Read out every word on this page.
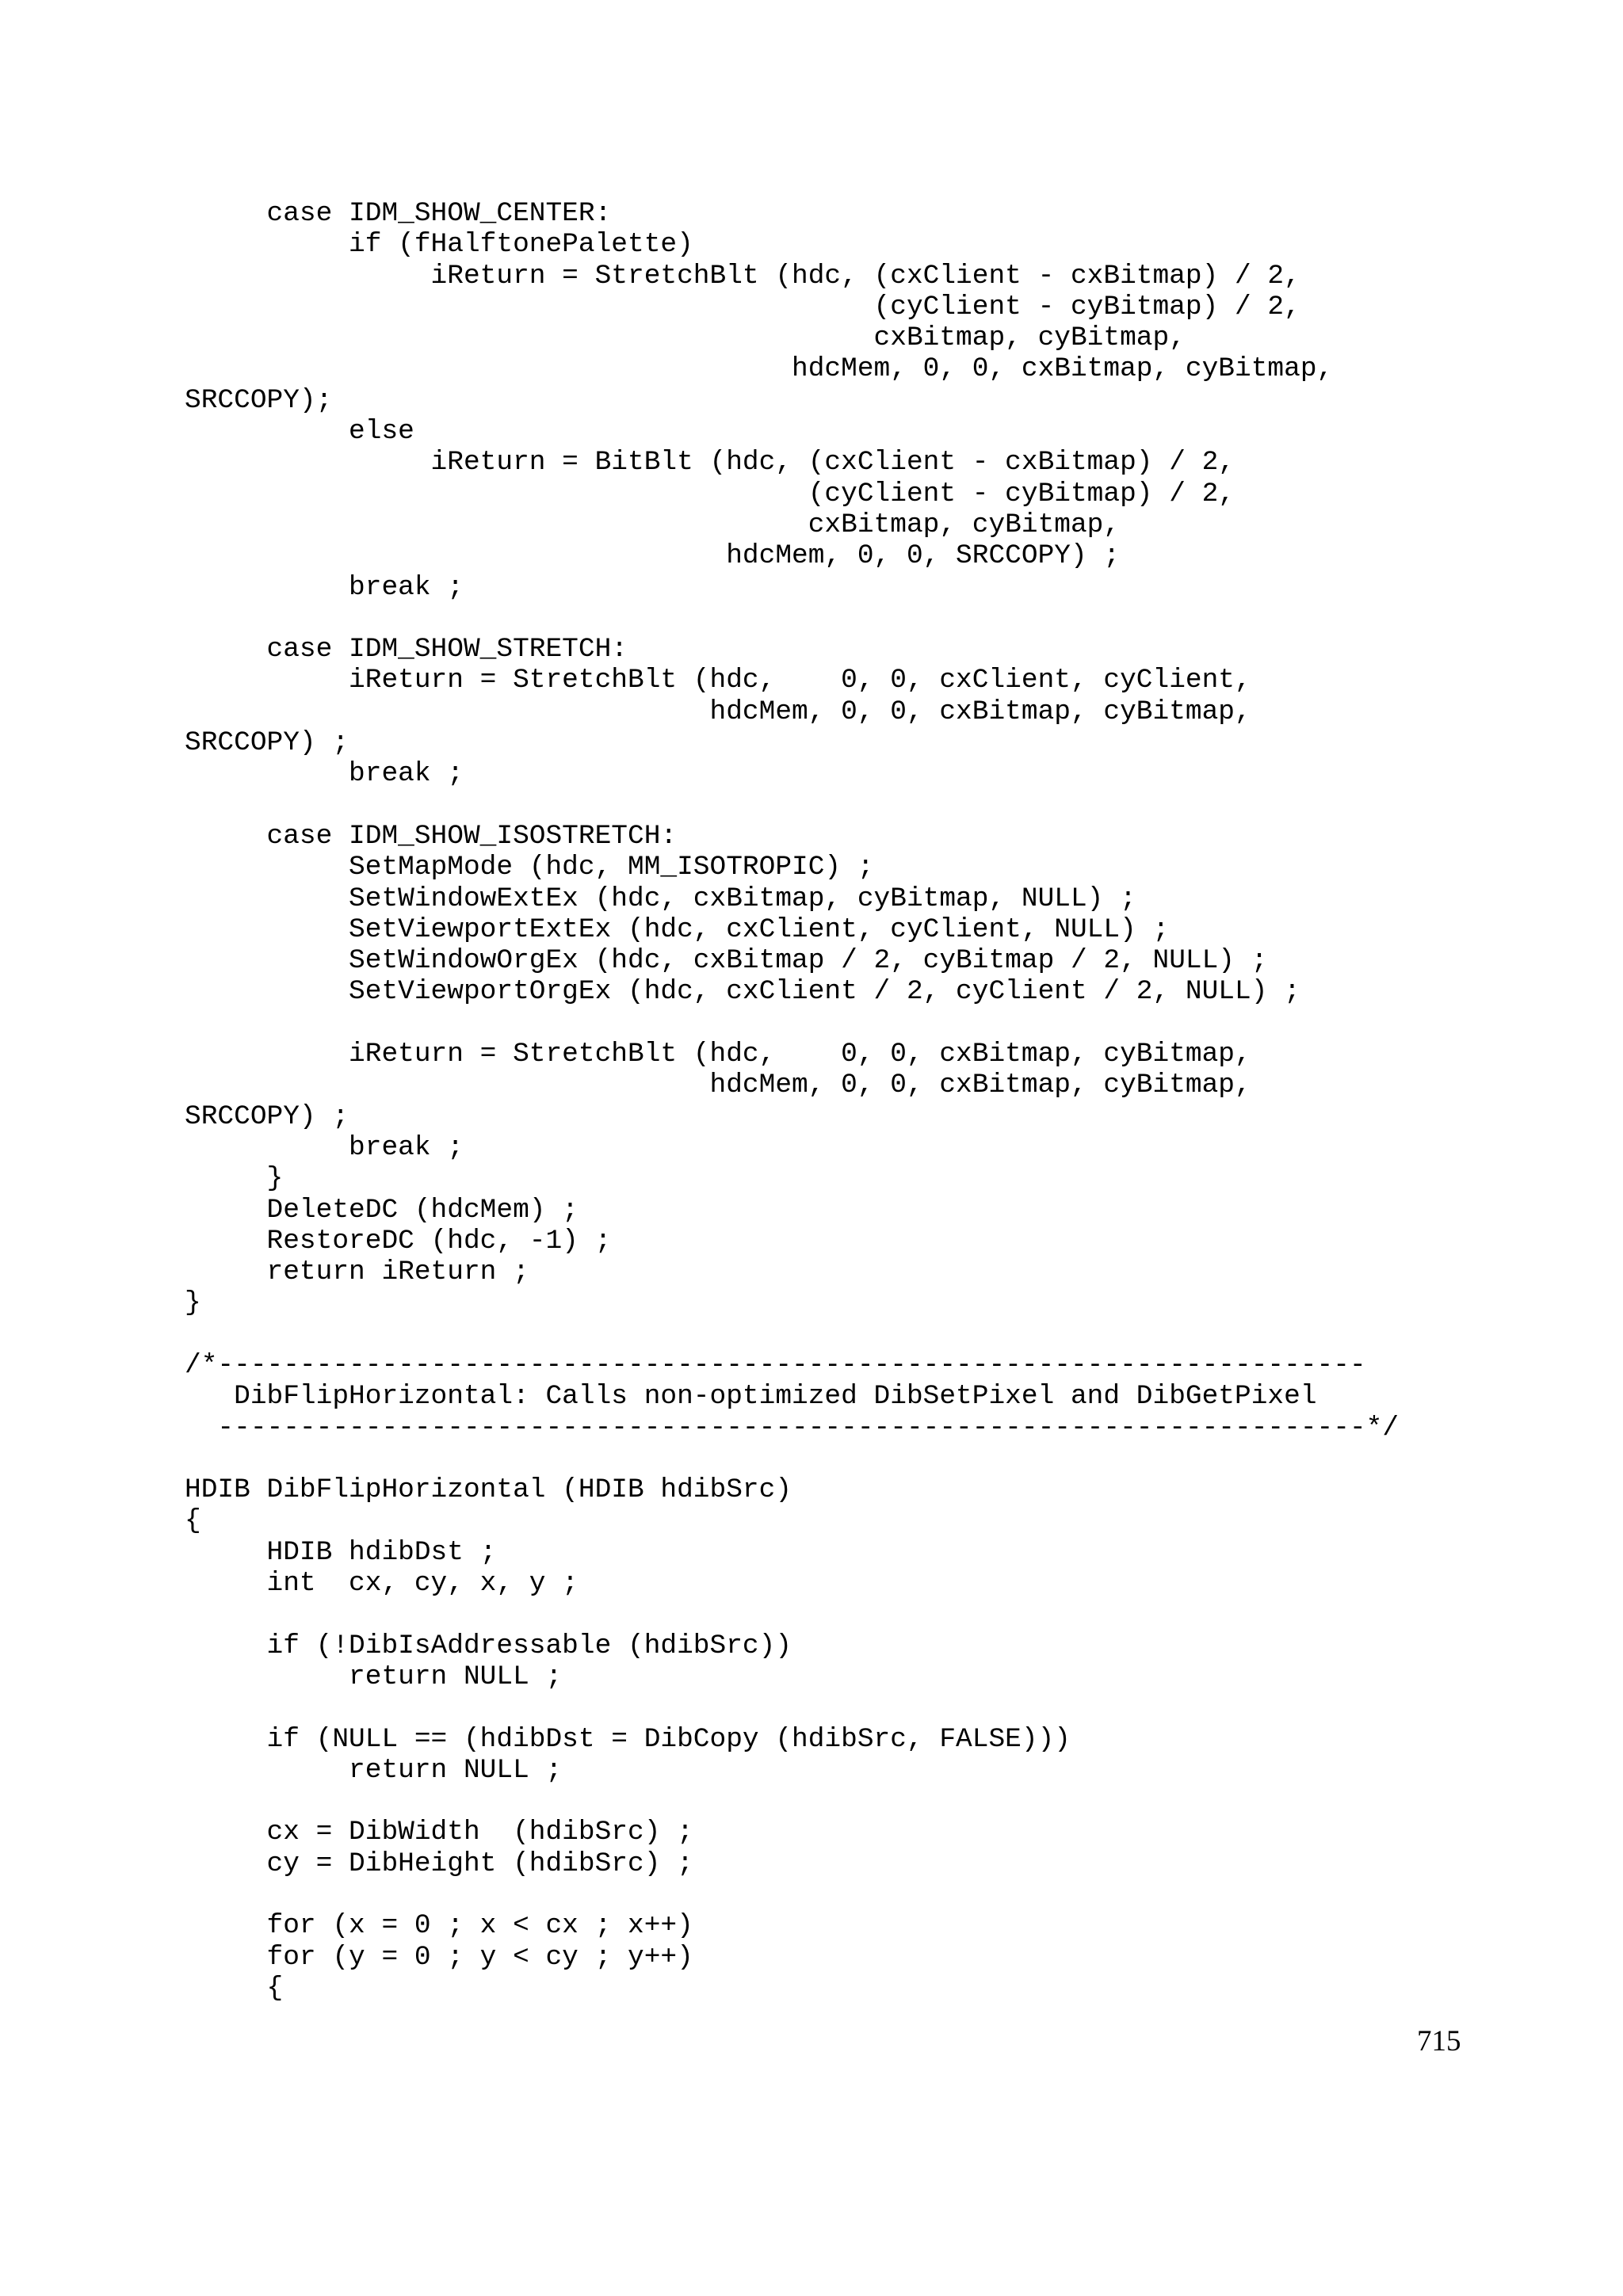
case IDM_SHOW_CENTER:
if (fHalftonePalette)
iReturn = StretchBlt (hdc, (cxClient - cxBitmap) / 2,
(cyClient - cyBitmap) / 2,
cxBitmap, cyBitmap,
hdcMem, 0, 0, cxBitmap, cyBitmap,
SRCCOPY);
else
iReturn = BitBlt (hdc, (cxClient - cxBitmap) / 2,
(cyClient - cyBitmap) / 2,
cxBitmap, cyBitmap,
hdcMem, 0, 0, SRCCOPY) ;
break ;
case IDM_SHOW_STRETCH:
iReturn = StretchBlt (hdc,    0, 0, cxClient, cyClient,
hdcMem, 0, 0, cxBitmap, cyBitmap,
SRCCOPY) ;
break ;
case IDM_SHOW_ISOSTRETCH:
SetMapMode (hdc, MM_ISOTROPIC) ;
SetWindowExtEx (hdc, cxBitmap, cyBitmap, NULL) ;
SetViewportExtEx (hdc, cxClient, cyClient, NULL) ;
SetWindowOrgEx (hdc, cxBitmap / 2, cyBitmap / 2, NULL) ;
SetViewportOrgEx (hdc, cxClient / 2, cyClient / 2, NULL) ;
iReturn = StretchBlt (hdc,    0, 0, cxBitmap, cyBitmap,
hdcMem, 0, 0, cxBitmap, cyBitmap,
SRCCOPY) ;
break ;
}
DeleteDC (hdcMem) ;
RestoreDC (hdc, -1) ;
return iReturn ;
}
/*----------------------------------------------------------------------
DibFlipHorizontal: Calls non-optimized DibSetPixel and DibGetPixel
----------------------------------------------------------------------*/
HDIB DibFlipHorizontal (HDIB hdibSrc)
{
HDIB hdibDst ;
int  cx, cy, x, y ;
if (!DibIsAddressable (hdibSrc))
return NULL ;
if (NULL == (hdibDst = DibCopy (hdibSrc, FALSE)))
return NULL ;
cx = DibWidth  (hdibSrc) ;
cy = DibHeight (hdibSrc) ;
for (x = 0 ; x < cx ; x++)
for (y = 0 ; y < cy ; y++)
{
715
